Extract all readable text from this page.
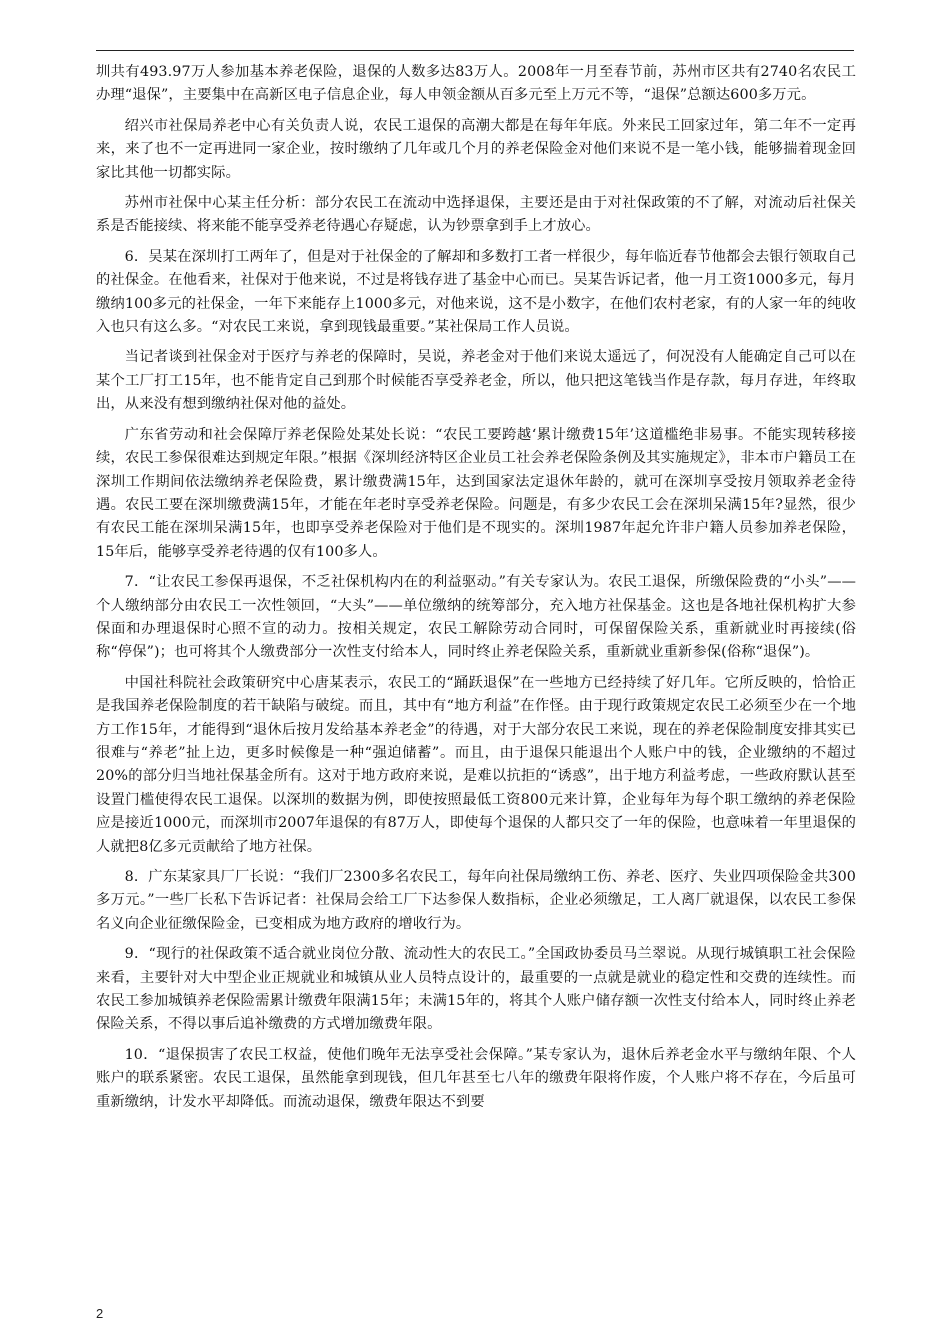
圳共有493.97万人参加基本养老保险，退保的人数多达83万人。2008年一月至春节前，苏州市区共有2740名农民工办理“退保”，主要集中在高新区电子信息企业，每人申领金额从百多元至上万元不等，“退保”总额达600多万元。

绍兴市社保局养老中心有关负责人说，农民工退保的高潮大都是在每年年底。外来民工回家过年，第二年不一定再来，来了也不一定再进同一家企业，按时缴纳了几年或几个月的养老保险金对他们来说不是一笔小钱，能够揣着现金回家比其他一切都实际。

苏州市社保中心某主任分析：部分农民工在流动中选择退保，主要还是由于对社保政策的不了解，对流动后社保关系是否能接续、将来能不能享受养老待遇心存疑虑，认为钞票拿到手上才放心。

6．吴某在深圳打工两年了，但是对于社保金的了解却和多数打工者一样很少，每年临近春节他都会去银行领取自己的社保金。在他看来，社保对于他来说，不过是将钱存进了基金中心而已。吴某告诉记者，他一月工资1000多元，每月缴纳100多元的社保金，一年下来能存上1000多元，对他来说，这不是小数字，在他们农村老家，有的人家一年的纯收入也只有这么多。“对农民工来说，拿到现钱最重要。”某社保局工作人员说。

当记者谈到社保金对于医疗与养老的保障时，吴说，养老金对于他们来说太遥远了，何况没有人能确定自己可以在某个工厂打工15年，也不能肯定自己到那个时候能否享受养老金，所以，他只把这笔钱当作是存款，每月存进，年终取出，从来没有想到缴纳社保对他的益处。

广东省劳动和社会保障厅养老保险处某处长说：“农民工要跨越‘累计缴费15年’这道槛绝非易事。不能实现转移接续，农民工参保很难达到规定年限。”根据《深圳经济特区企业员工社会养老保险条例及其实施规定》，非本市户籍员工在深圳工作期间依法缴纳养老保险费，累计缴费满15年，达到国家法定退休年龄的，就可在深圳享受按月领取养老金待遇。农民工要在深圳缴费满15年，才能在年老时享受养老保险。问题是，有多少农民工会在深圳呆满15年?显然，很少有农民工能在深圳呆满15年，也即享受养老保险对于他们是不现实的。深圳1987年起允许非户籍人员参加养老保险，15年后，能够享受养老待遇的仅有100多人。

7．“让农民工参保再退保，不乏社保机构内在的利益驱动。”有关专家认为。农民工退保，所缴保险费的“小头”——个人缴纳部分由农民工一次性领回，“大头”——单位缴纳的统筹部分，充入地方社保基金。这也是各地社保机构扩大参保面和办理退保时心照不宣的动力。按相关规定，农民工解除劳动合同时，可保留保险关系，重新就业时再接续(俗称“停保”)；也可将其个人缴费部分一次性支付给本人，同时终止养老保险关系，重新就业重新参保(俗称“退保”)。

中国社科院社会政策研究中心唐某表示，农民工的“踊跃退保”在一些地方已经持续了好几年。它所反映的，恰恰正是我国养老保险制度的若干缺陷与破绽。而且，其中有“地方利益”在作怪。由于现行政策规定农民工必须至少在一个地方工作15年，才能得到“退休后按月发给基本养老金”的待遇，对于大部分农民工来说，现在的养老保险制度安排其实已很难与“养老”扯上边，更多时候像是一种“强迫储蓄”。而且，由于退保只能退出个人账户中的钱，企业缴纳的不超过20%的部分归当地社保基金所有。这对于地方政府来说，是难以抗拒的“诱惑”，出于地方利益考虑，一些政府默认甚至设置门槛使得农民工退保。以深圳的数据为例，即使按照最低工资800元来计算，企业每年为每个职工缴纳的养老保险应是接近1000元，而深圳市2007年退保的有87万人，即使每个退保的人都只交了一年的保险，也意味着一年里退保的人就把8亿多元贡献给了地方社保。

8．广东某家具厂厂长说：“我们厂2300多名农民工，每年向社保局缴纳工伤、养老、医疗、失业四项保险金共300多万元。”一些厂长私下告诉记者：社保局会给工厂下达参保人数指标，企业必须缴足，工人离厂就退保，以农民工参保名义向企业征缴保险金，已变相成为地方政府的增收行为。

9．“现行的社保政策不适合就业岗位分散、流动性大的农民工。”全国政协委员马兰翠说。从现行城镇职工社会保险来看，主要针对大中型企业正规就业和城镇从业人员特点设计的，最重要的一点就是就业的稳定性和交费的连续性。而农民工参加城镇养老保险需累计缴费年限满15年；未满15年的，将其个人账户储存额一次性支付给本人，同时终止养老保险关系，不得以事后追补缴费的方式增加缴费年限。

10．“退保损害了农民工权益，使他们晚年无法享受社会保障。”某专家认为，退休后养老金水平与缴纳年限、个人账户的联系紧密。农民工退保，虽然能拿到现钱，但几年甚至七八年的缴费年限将作废，个人账户将不存在，今后虽可重新缴纳，计发水平却降低。而流动退保，缴费年限达不到要

2
